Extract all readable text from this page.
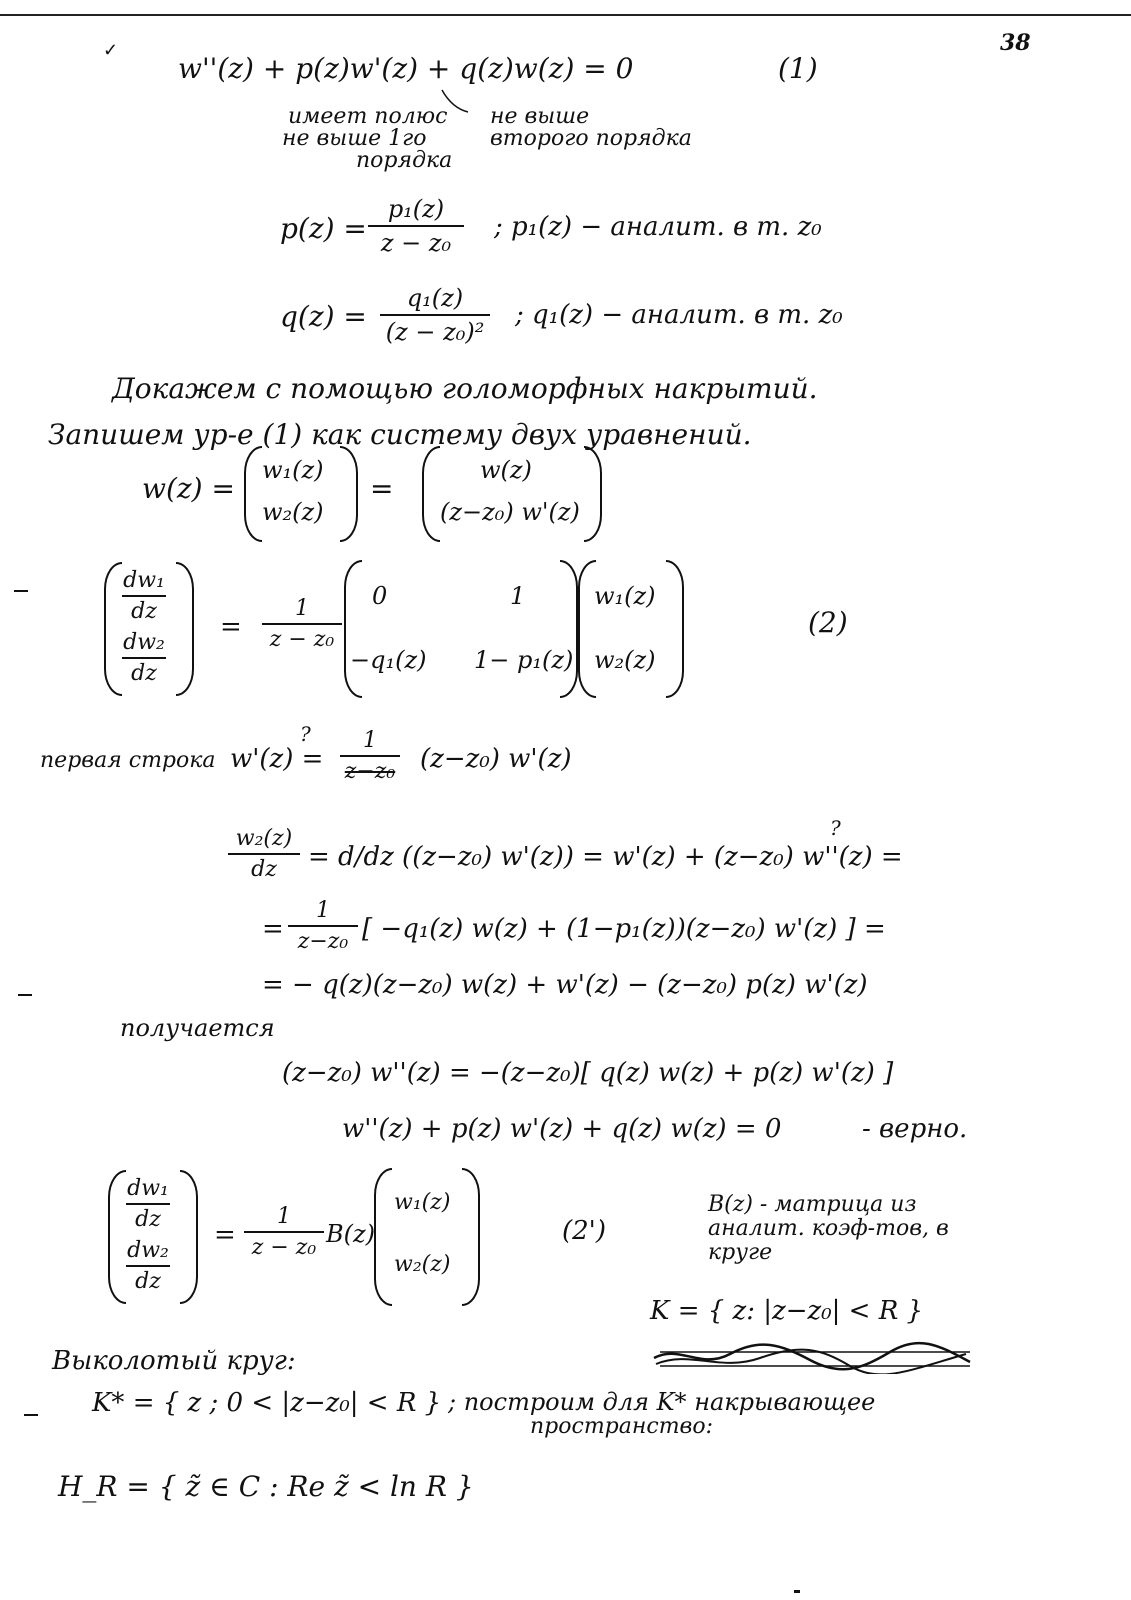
38
✓
w''(z) + p(z)w'(z) + q(z)w(z) = 0	(1)
имеет полюс
не выше 1го
порядка
не выше
второго порядка
p(z) =
p₁(z)
z − z₀
; p₁(z) − аналит. в т. z₀
q(z) =
q₁(z)
(z − z₀)²
; q₁(z) − аналит. в т. z₀
Докажем с помощью голоморфных накрытий.
Запишем ур-е (1) как систему двух уравнений.
w(z) =
w₁(z)
w₂(z)
=
w(z)
(z−z₀) w'(z)
dw₁
dz
dw₂
dz
=
1
z − z₀
0	1
−q₁(z) 1− p₁(z)
w₁(z)
w₂(z)
(2)
первая строка w'(z) =
?	1
z−z₀ (z−z₀) w'(z)
w₂(z)
dz	= d/dz ((z−z₀) w'(z)) = w'(z) + (z−z₀) w''(z) =
?
=
1
z−z₀ [ −q₁(z) w(z) + (1−p₁(z))(z−z₀) w'(z) ] =
= − q(z)(z−z₀) w(z) + w'(z) − (z−z₀) p(z) w'(z)
получается
(z−z₀) w''(z) = −(z−z₀)[ q(z) w(z) + p(z) w'(z) ]
w''(z) + p(z) w'(z) + q(z) w(z) = 0	- верно.
dw₁
dz
dw₂
dz
=
1
z − z₀ B(z)
w₁(z)
w₂(z)
(2')
B(z) - матрица из
аналит. коэф-тов, в
круге
K = { z: |z−z₀| < R }
Выколотый круг:
K* = { z ; 0 < |z−z₀| < R } ; построим для K* накрывающее
пространство:
H_R = { z̃ ∈ C : Re z̃ < ln R }
